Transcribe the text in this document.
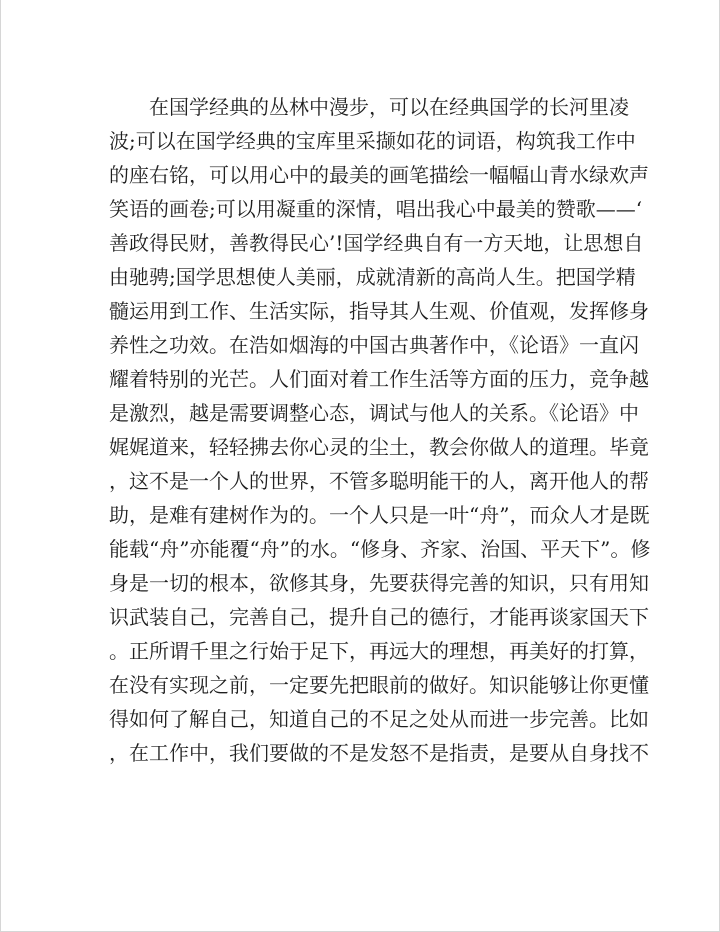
在国学经典的丛林中漫步，可以在经典国学的长河里凌
波;可以在国学经典的宝库里采撷如花的词语，构筑我工作中
的座右铭，可以用心中的最美的画笔描绘一幅幅山青水绿欢声
笑语的画卷;可以用凝重的深情，唱出我心中最美的赞歌——‘
善政得民财，善教得民心’!国学经典自有一方天地，让思想自
由驰骋;国学思想使人美丽，成就清新的高尚人生。把国学精
髓运用到工作、生活实际，指导其人生观、价值观，发挥修身
养性之功效。在浩如烟海的中国古典著作中，《论语》一直闪
耀着特别的光芒。人们面对着工作生活等方面的压力，竞争越
是激烈，越是需要调整心态，调试与他人的关系。《论语》中
娓娓道来，轻轻拂去你心灵的尘土，教会你做人的道理。毕竟
，这不是一个人的世界，不管多聪明能干的人，离开他人的帮
助，是难有建树作为的。一个人只是一叶“舟”，而众人才是既
能载“舟”亦能覆“舟”的水。“修身、齐家、治国、平天下”。修
身是一切的根本，欲修其身，先要获得完善的知识，只有用知
识武装自己，完善自己，提升自己的德行，才能再谈家国天下
。正所谓千里之行始于足下，再远大的理想，再美好的打算，
在没有实现之前，一定要先把眼前的做好。知识能够让你更懂
得如何了解自己，知道自己的不足之处从而进一步完善。比如
，在工作中，我们要做的不是发怒不是指责，是要从自身找不
